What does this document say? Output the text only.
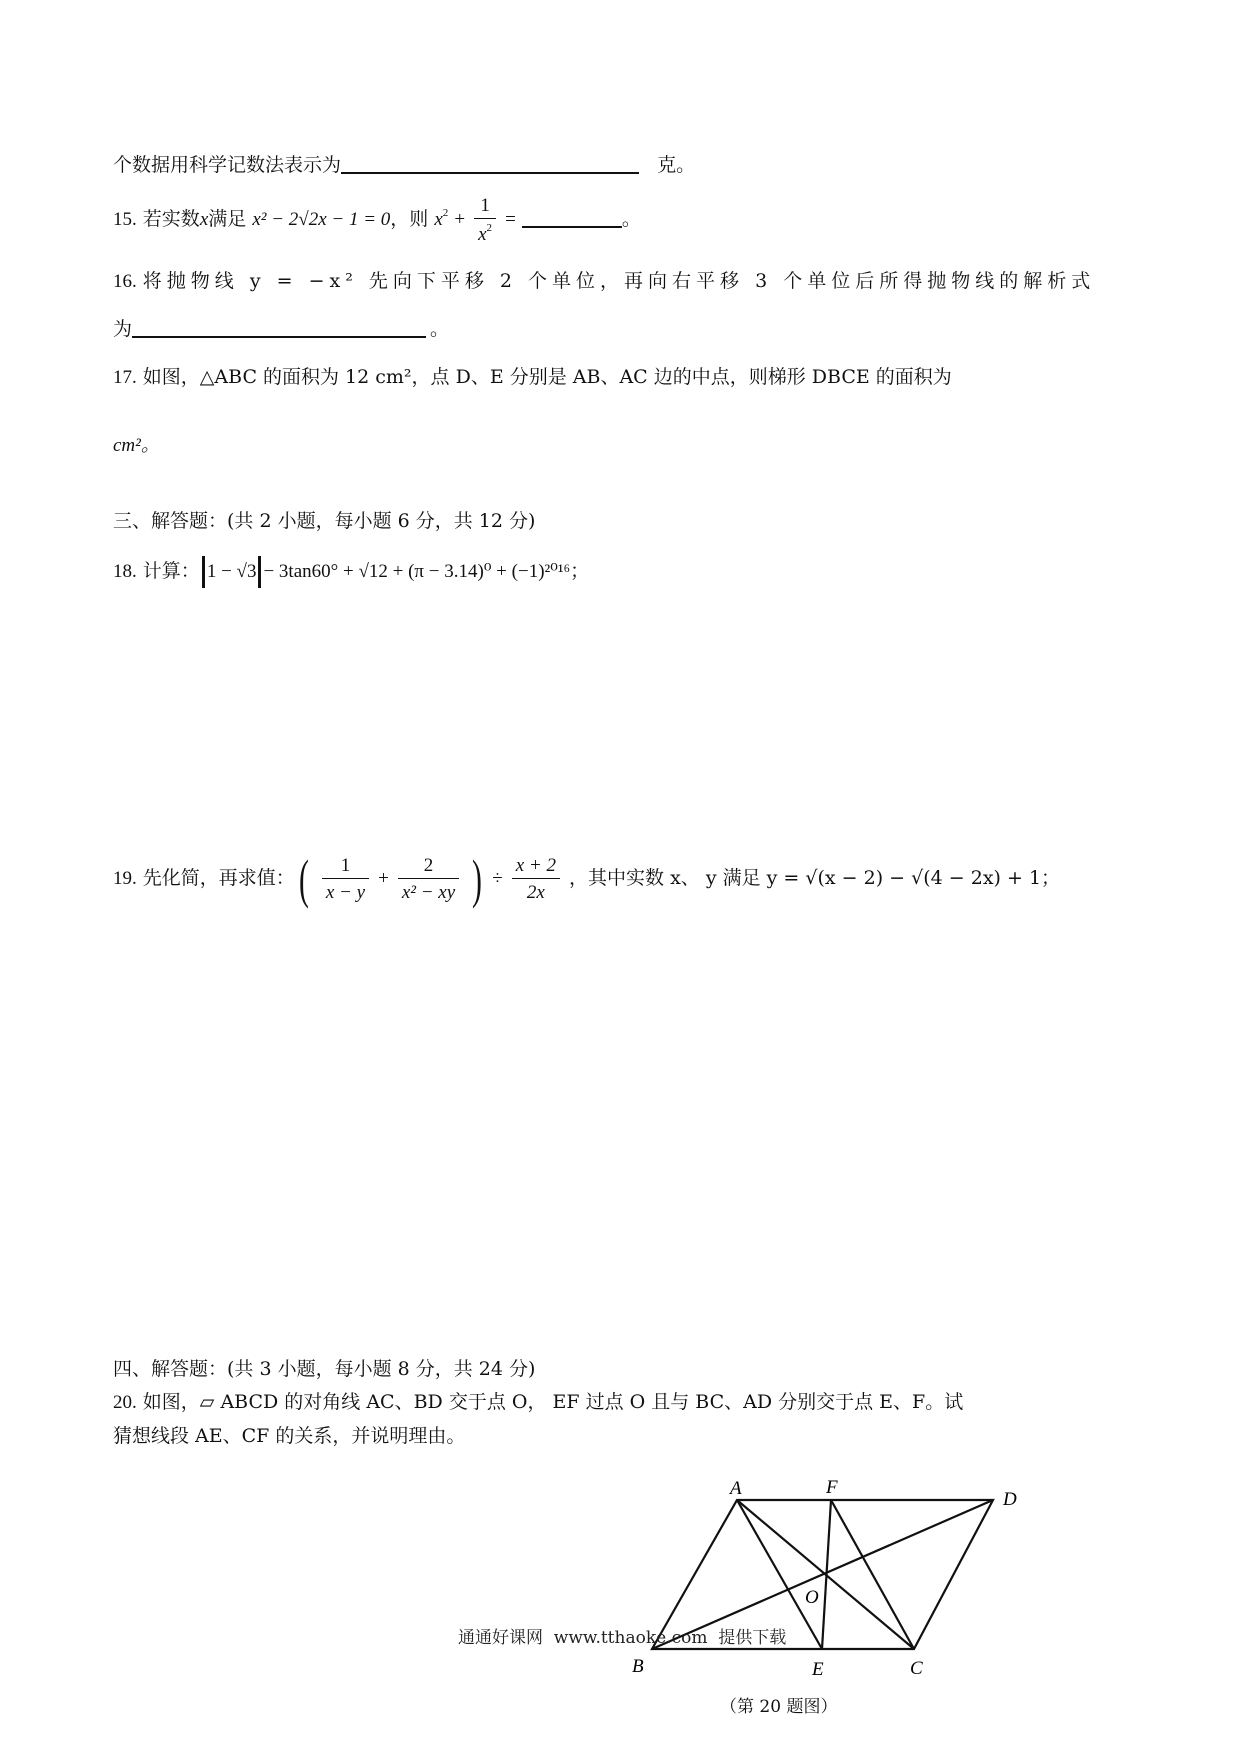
个数据用科学记数法表示为	克。
15. 若实数x满足 x² − 2√2x − 1 = 0，则 $x^2 + \frac{1}{x^2}$ =	。
16. 将抛物线 y = −x² 先向下平移 2 个单位，再向右平移 3 个单位后所得抛物线的解析式
为	。
17. 如图，△ABC 的面积为 12 cm²，点 D、E 分别是 AB、AC 边的中点，则梯形 DBCE 的面积为
cm²。
三、解答题：(共 2 小题，每小题 6 分，共 12 分)
18. 计算： 1 − √3 − 3tan60° + √12 + (π − 3.14)⁰ + (−1)²⁰¹⁶；
19. 先化简，再求值：( $\frac{1}{x - y} + \frac{2}{\text{x² − xy}}$ ) ÷ $\frac{x + 2}{2x}$ ，其中实数 x、 y 满足 y = √(x − 2) − √(4 − 2x) + 1；
四、解答题：(共 3 小题，每小题 8 分，共 24 分)
20. 如图，▱ ABCD 的对角线 AC、BD 交于点 O， EF 过点 O 且与 BC、AD 分别交于点 E、F。试
猜想线段 AE、CF 的关系，并说明理由。
A	F
D
O
B	E	C
通通好课网  www.tthaoke.com  提供下载
（第 20 题图）
